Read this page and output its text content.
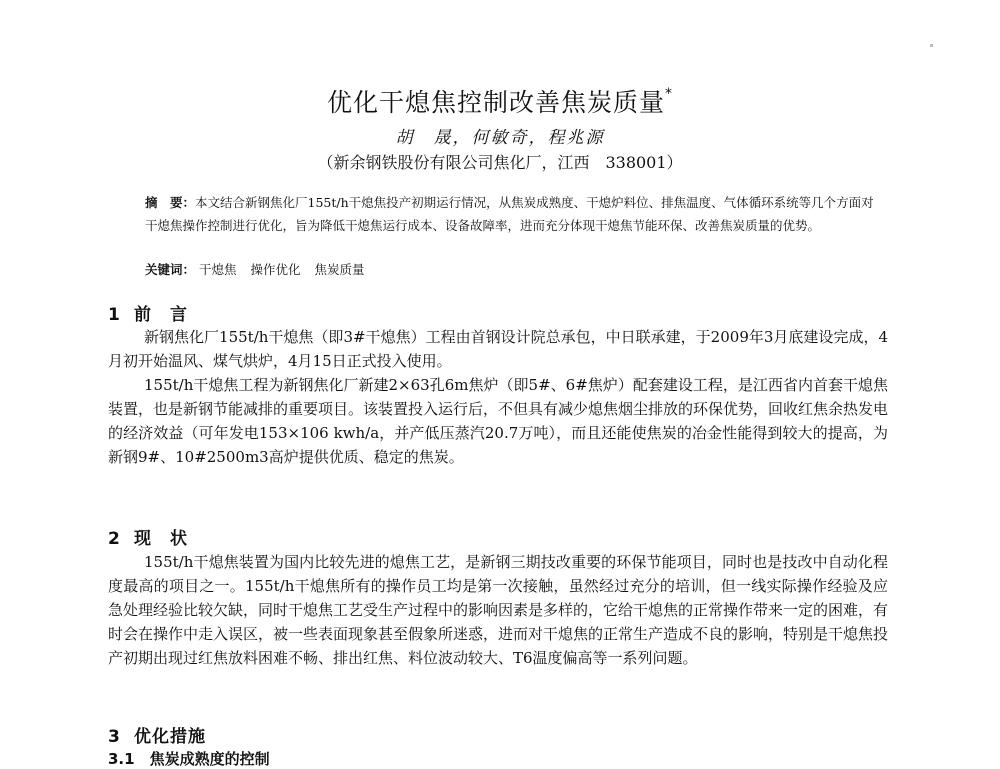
优化干熄焦控制改善焦炭质量*
胡　晟，何敏奇，程兆源
（新余钢铁股份有限公司焦化厂，江西　338001）
摘　要：本文结合新钢焦化厂155t/h干熄焦投产初期运行情况，从焦炭成熟度、干熄炉料位、排焦温度、气体循环系统等几个方面对干熄焦操作控制进行优化，旨为降低干熄焦运行成本、设备故障率，进而充分体现干熄焦节能环保、改善焦炭质量的优势。
关键词： 干熄焦 操作优化 焦炭质量
1 前　言
新钢焦化厂155t/h干熄焦（即3#干熄焦）工程由首钢设计院总承包，中日联承建，于2009年3月底建设完成，4月初开始温风、煤气烘炉，4月15日正式投入使用。
155t/h干熄焦工程为新钢焦化厂新建2×63孔6m焦炉（即5#、6#焦炉）配套建设工程，是江西省内首套干熄焦装置，也是新钢节能减排的重要项目。该装置投入运行后，不但具有减少熄焦烟尘排放的环保优势，回收红焦余热发电的经济效益（可年发电153×106 kwh/a，并产低压蒸汽20.7万吨），而且还能使焦炭的冶金性能得到较大的提高，为新钢9#、10#2500m3高炉提供优质、稳定的焦炭。
2 现　状
155t/h干熄焦装置为国内比较先进的熄焦工艺，是新钢三期技改重要的环保节能项目，同时也是技改中自动化程度最高的项目之一。155t/h干熄焦所有的操作员工均是第一次接触，虽然经过充分的培训，但一线实际操作经验及应急处理经验比较欠缺，同时干熄焦工艺受生产过程中的影响因素是多样的，它给干熄焦的正常操作带来一定的困难，有时会在操作中走入误区，被一些表面现象甚至假象所迷惑，进而对干熄焦的正常生产造成不良的影响，特别是干熄焦投产初期出现过红焦放料困难不畅、排出红焦、料位波动较大、T6温度偏高等一系列问题。
3 优化措施
3.1　焦炭成熟度的控制
